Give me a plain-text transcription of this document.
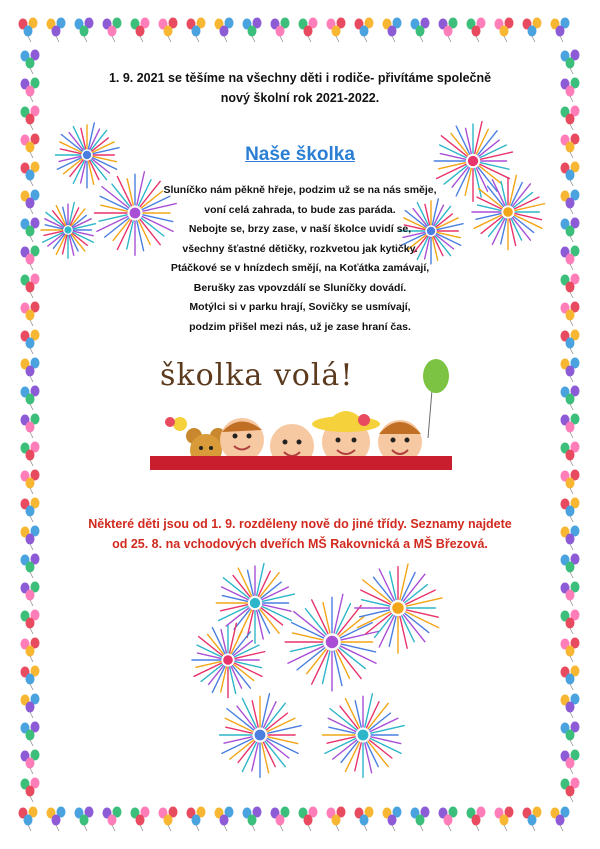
1. 9. 2021 se těšíme na všechny děti i rodiče- přivítáme společně
nový školní rok 2021-2022.
Naše školka
Sluníčko nám pěkně hřeje, podzim už se na nás směje,
voní celá zahrada, to bude zas paráda.
Nebojte se, brzy zase, v naší školce uvidí se,
všechny šťastné dětičky, rozkvetou jak kytičky.
Ptáčkové se v hnízdech smějí, na Koťátka zamávají,
Berušky zas vpovzdálí se Sluníčky dovádí.
Motýlci si v parku hrají, Sovičky se usmívají,
podzim přišel mezi nás, už je zase hraní čas.
školka volá!
Některé děti jsou od 1. 9. rozděleny nově do jiné třídy. Seznamy najdete
od 25. 8. na vchodových dveřích MŠ Rakovnická a MŠ Březová.
